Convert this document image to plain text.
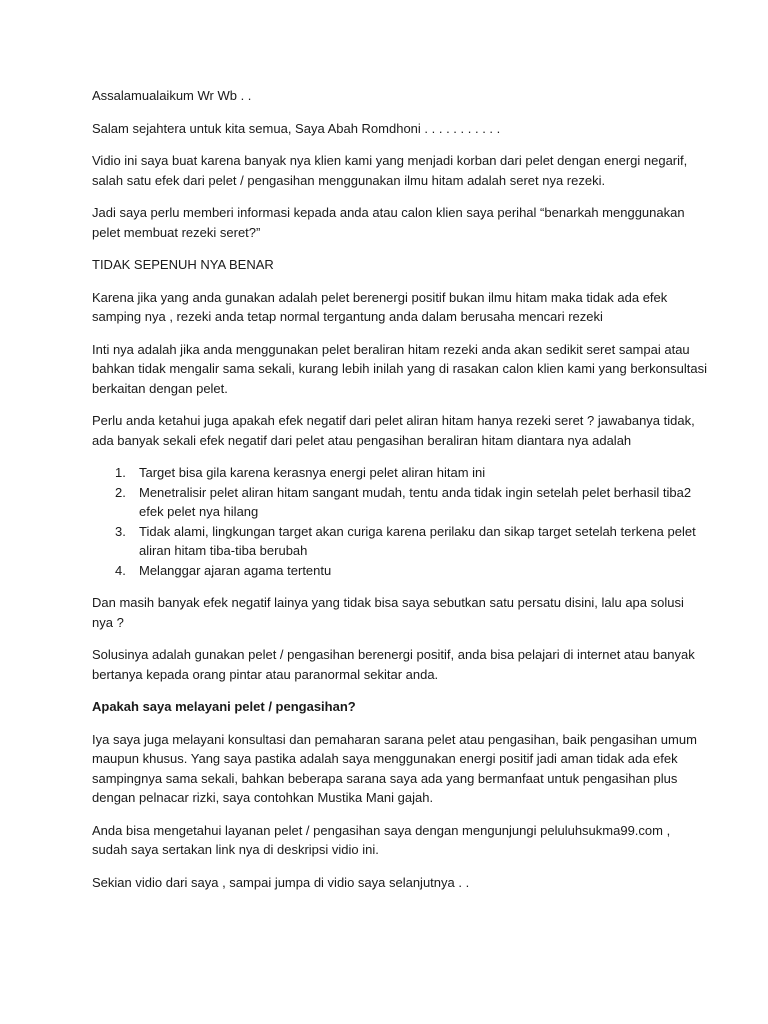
Assalamualaikum Wr Wb . .

Salam sejahtera untuk kita semua, Saya Abah Romdhoni . . . . . . . . . . .

Vidio ini saya buat karena banyak nya klien kami yang menjadi korban dari pelet dengan energi negarif, salah satu efek dari pelet / pengasihan menggunakan ilmu hitam adalah seret nya rezeki.

Jadi saya perlu memberi informasi kepada anda atau calon klien saya perihal “benarkah menggunakan pelet membuat rezeki seret?”

TIDAK SEPENUH NYA BENAR

Karena jika yang anda gunakan adalah pelet berenergi positif bukan ilmu hitam maka tidak ada efek samping nya , rezeki anda tetap normal tergantung anda dalam berusaha mencari rezeki

Inti nya adalah jika anda menggunakan pelet beraliran hitam rezeki anda akan sedikit seret sampai atau bahkan tidak mengalir sama sekali, kurang lebih inilah yang di rasakan calon klien kami yang berkonsultasi berkaitan dengan pelet.

Perlu anda ketahui juga apakah efek negatif dari pelet aliran hitam hanya rezeki seret ? jawabanya tidak, ada banyak sekali efek negatif dari pelet atau pengasihan beraliran hitam diantara nya adalah

1. Target bisa gila karena kerasnya energi pelet aliran hitam ini
2. Menetralisir pelet aliran hitam sangant mudah, tentu anda tidak ingin setelah pelet berhasil tiba2 efek pelet nya hilang
3. Tidak alami, lingkungan target akan curiga karena perilaku dan sikap target setelah terkena pelet aliran hitam tiba-tiba berubah
4. Melanggar ajaran agama tertentu

Dan masih banyak efek negatif lainya yang tidak bisa saya sebutkan satu persatu disini, lalu apa solusi nya ?

Solusinya adalah gunakan pelet / pengasihan berenergi positif, anda bisa pelajari di internet atau banyak bertanya kepada orang pintar atau paranormal sekitar anda.

Apakah saya melayani pelet / pengasihan?

Iya saya juga melayani konsultasi dan pemaharan sarana pelet atau pengasihan, baik pengasihan umum maupun khusus. Yang saya pastika adalah saya menggunakan energi positif jadi aman tidak ada efek sampingnya sama sekali, bahkan beberapa sarana saya ada yang bermanfaat untuk pengasihan plus dengan pelnacar rizki, saya contohkan Mustika Mani gajah.

Anda bisa mengetahui layanan pelet / pengasihan saya dengan mengunjungi peluluhsukma99.com , sudah saya sertakan link nya di deskripsi vidio ini.

Sekian vidio dari saya , sampai jumpa di vidio saya selanjutnya . .
